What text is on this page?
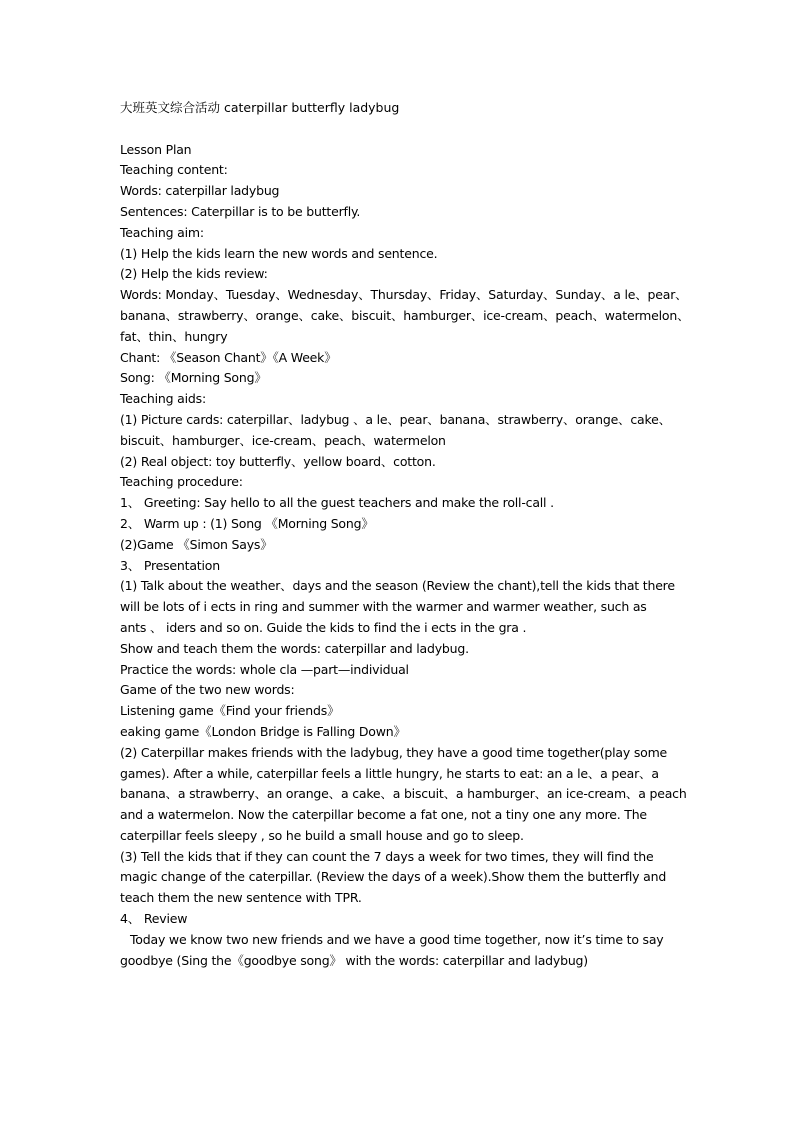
大班英文综合活动 caterpillar butterfly ladybug
Lesson Plan
Teaching content:
Words: caterpillar ladybug
Sentences: Caterpillar is to be butterfly.
Teaching aim:
(1) Help the kids learn the new words and sentence.
(2) Help the kids review:
Words: Monday、Tuesday、Wednesday、Thursday、Friday、Saturday、Sunday、a le、pear、
banana、strawberry、orange、cake、biscuit、hamburger、ice-cream、peach、watermelon、
fat、thin、hungry
Chant: 《Season Chant》《A Week》
Song: 《Morning Song》
Teaching aids:
(1) Picture cards: caterpillar、ladybug 、a le、pear、banana、strawberry、orange、cake、
biscuit、hamburger、ice-cream、peach、watermelon
(2) Real object: toy butterfly、yellow board、cotton.
Teaching procedure:
1、 Greeting: Say hello to all the guest teachers and make the roll-call .
2、 Warm up : (1) Song 《Morning Song》
(2)Game 《Simon Says》
3、 Presentation
(1) Talk about the weather、days and the season (Review the chant),tell the kids that there
will be lots of i ects in ring and summer with the warmer and warmer weather, such as
ants 、 iders and so on. Guide the kids to find the i ects in the gra .
Show and teach them the words: caterpillar and ladybug.
Practice the words: whole cla —part—individual
Game of the two new words:
Listening game《Find your friends》
eaking game《London Bridge is Falling Down》
(2) Caterpillar makes friends with the ladybug, they have a good time together(play some
games). After a while, caterpillar feels a little hungry, he starts to eat: an a le、a pear、a
banana、a strawberry、an orange、a cake、a biscuit、a hamburger、an ice-cream、a peach
and a watermelon. Now the caterpillar become a fat one, not a tiny one any more. The
caterpillar feels sleepy , so he build a small house and go to sleep.
(3) Tell the kids that if they can count the 7 days a week for two times, they will find the
magic change of the caterpillar. (Review the days of a week).Show them the butterfly and
teach them the new sentence with TPR.
4、 Review
Today we know two new friends and we have a good time together, now it’s time to say
goodbye (Sing the《goodbye song》 with the words: caterpillar and ladybug)
